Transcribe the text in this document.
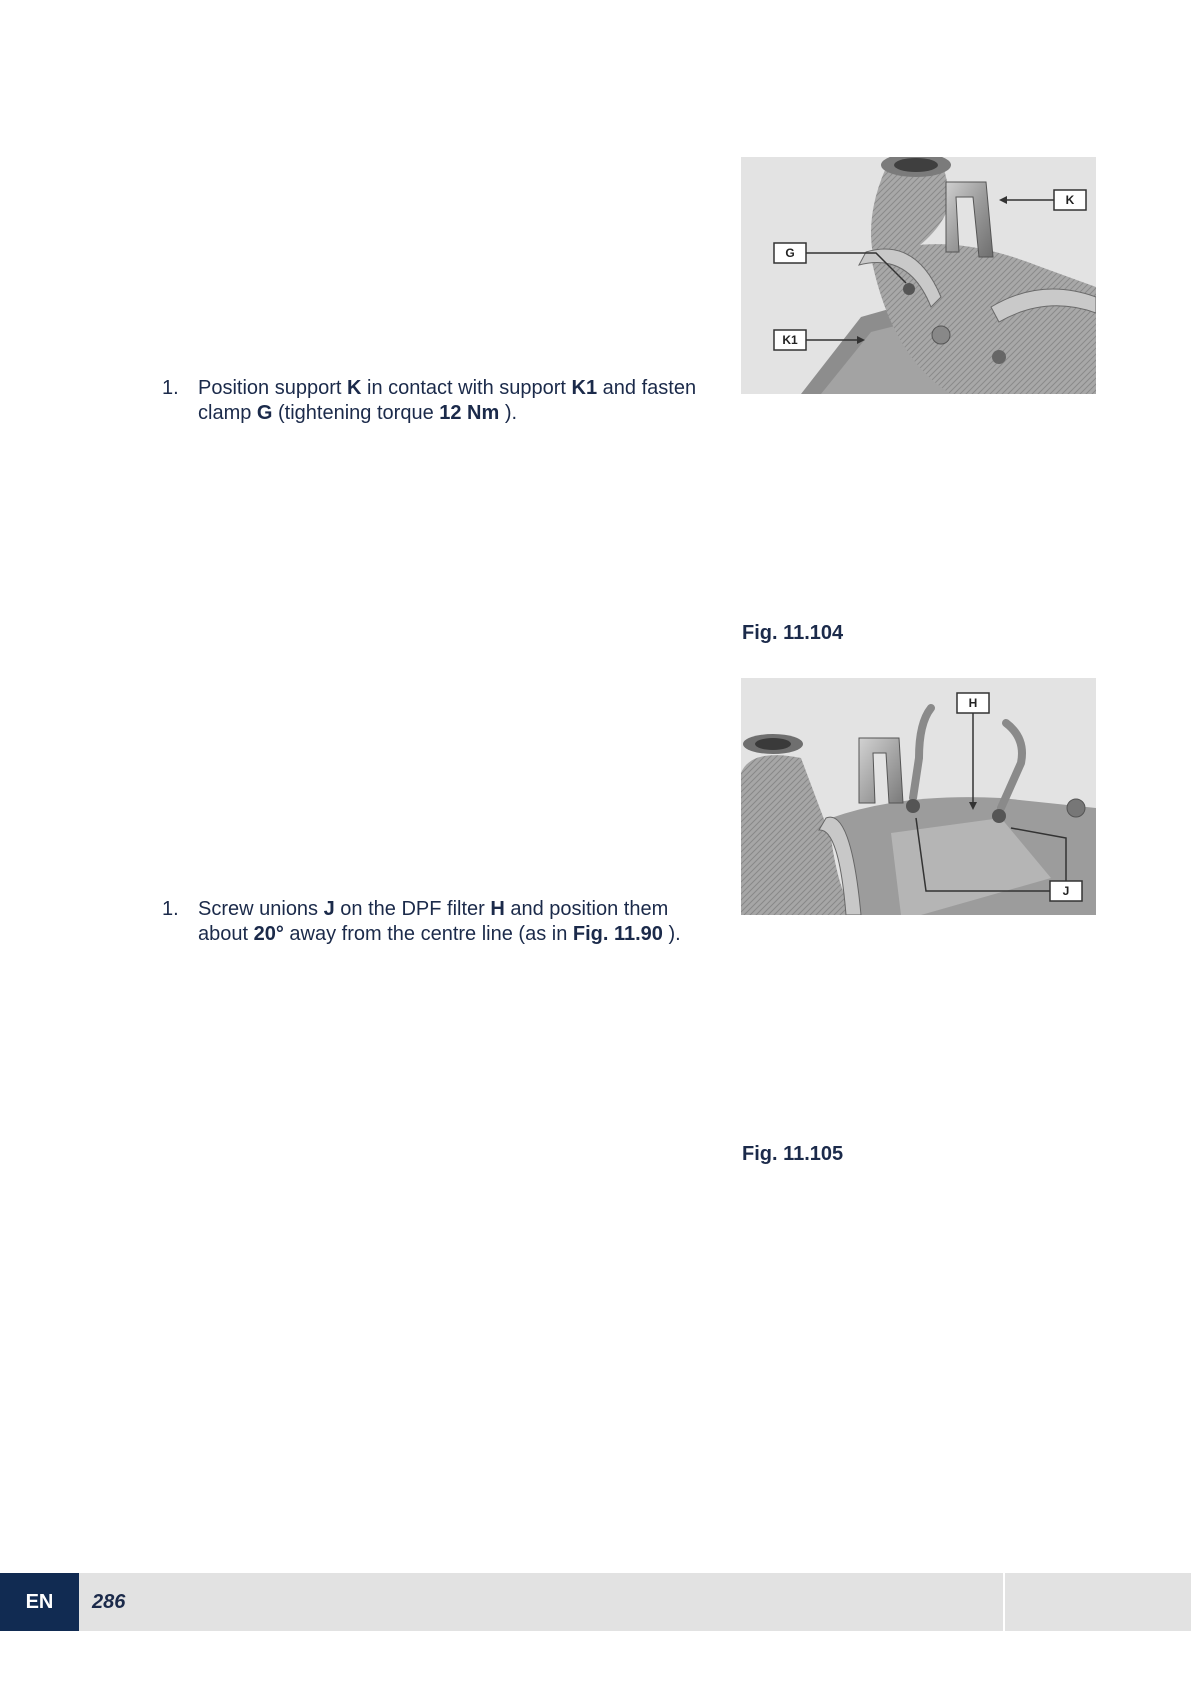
1. Position support K in contact with support K1 and fasten clamp G (tightening torque 12 Nm ).
K
G
K1
Fig. 11.104
1. Screw unions J on the DPF filter H and position them about 20° away from the centre line (as in Fig. 11.90 ).
H
J
Fig. 11.105
EN	286
